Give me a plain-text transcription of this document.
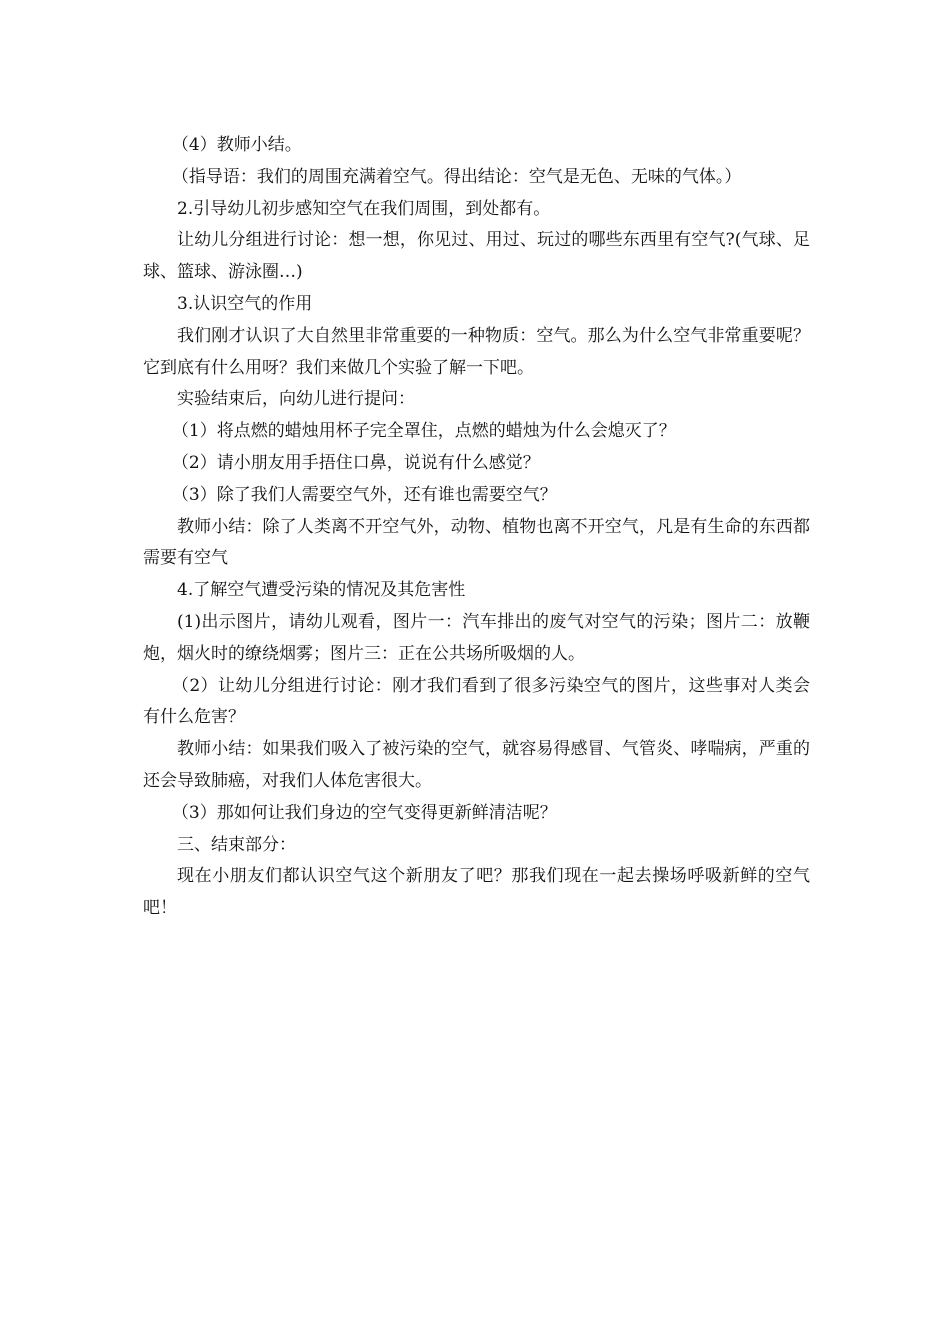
（4）教师小结。

（指导语：我们的周围充满着空气。得出结论：空气是无色、无味的气体。）

2.引导幼儿初步感知空气在我们周围，到处都有。

让幼儿分组进行讨论：想一想，你见过、用过、玩过的哪些东西里有空气?(气球、足球、篮球、游泳圈…)

3.认识空气的作用

我们刚才认识了大自然里非常重要的一种物质：空气。那么为什么空气非常重要呢？它到底有什么用呀？我们来做几个实验了解一下吧。

实验结束后，向幼儿进行提问：

（1）将点燃的蜡烛用杯子完全罩住，点燃的蜡烛为什么会熄灭了？

（2）请小朋友用手捂住口鼻，说说有什么感觉？

（3）除了我们人需要空气外，还有谁也需要空气？

教师小结：除了人类离不开空气外，动物、植物也离不开空气，凡是有生命的东西都需要有空气

4.了解空气遭受污染的情况及其危害性

(1)出示图片，请幼儿观看，图片一：汽车排出的废气对空气的污染；图片二：放鞭炮，烟火时的缭绕烟雾；图片三：正在公共场所吸烟的人。

（2）让幼儿分组进行讨论：刚才我们看到了很多污染空气的图片，这些事对人类会有什么危害？

教师小结：如果我们吸入了被污染的空气，就容易得感冒、气管炎、哮喘病，严重的还会导致肺癌，对我们人体危害很大。

（3）那如何让我们身边的空气变得更新鲜清洁呢？

三、结束部分：

现在小朋友们都认识空气这个新朋友了吧？那我们现在一起去操场呼吸新鲜的空气吧！
